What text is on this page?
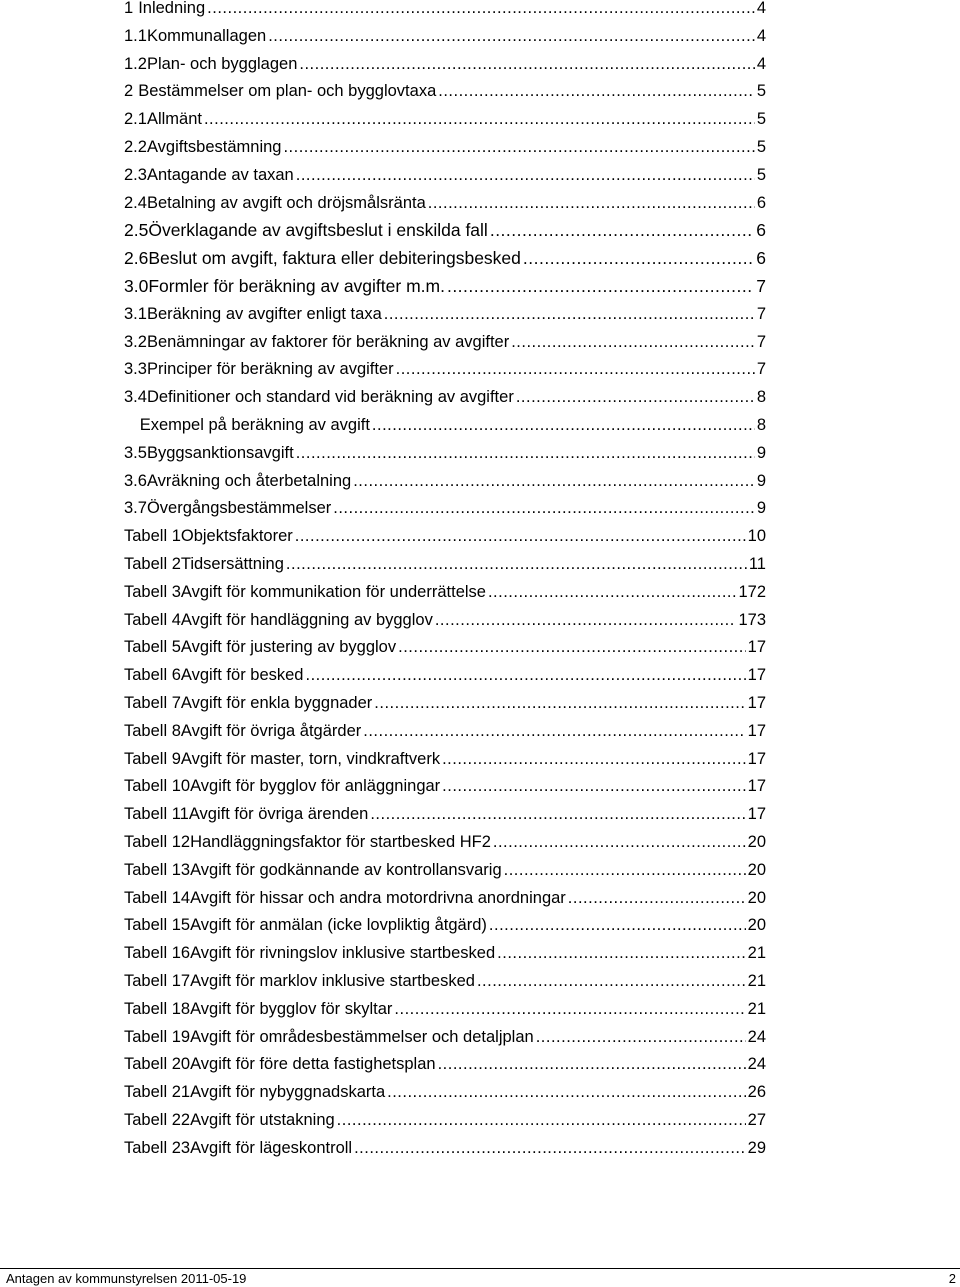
1 Inledning .....	4
1.1 Kommunallagen .....	4
1.2 Plan- och bygglagen .....	4
2 Bestämmelser om plan- och bygglovtaxa .....	5
2.1 Allmänt .....	5
2.2 Avgiftsbestämning .....	5
2.3 Antagande av taxan .....	5
2.4 Betalning av avgift och dröjsmålsränta .....	6
2.5 Överklagande av avgiftsbeslut i enskilda fall .....	6
2.6 Beslut om avgift, faktura eller debiteringsbesked .....	6
3.0 Formler för beräkning av avgifter m.m. .....	7
3.1 Beräkning av avgifter enligt taxa .....	7
3.2 Benämningar av faktorer för beräkning av avgifter .....	7
3.3 Principer för beräkning av avgifter .....	7
3.4 Definitioner och standard vid beräkning av avgifter .....	8
Exempel på beräkning av avgift .....	8
3.5 Byggsanktionsavgift .....	9
3.6 Avräkning och återbetalning .....	9
3.7 Övergångsbestämmelser .....	9
Tabell 1 Objektsfaktorer .....	10
Tabell 2 Tidsersättning .....	11
Tabell 3 Avgift för kommunikation för underrättelse .....	172
Tabell 4 Avgift för handläggning av bygglov .....	173
Tabell 5 Avgift för justering av bygglov .....	17
Tabell 6 Avgift för besked .....	17
Tabell 7 Avgift för enkla byggnader .....	17
Tabell 8 Avgift för övriga åtgärder .....	17
Tabell 9 Avgift för master, torn, vindkraftverk .....	17
Tabell 10 Avgift för bygglov för anläggningar .....	17
Tabell 11 Avgift för övriga ärenden .....	17
Tabell 12 Handläggningsfaktor för startbesked HF2 .....	20
Tabell 13 Avgift för godkännande av kontrollansvarig .....	20
Tabell 14 Avgift för hissar och andra motordrivna anordningar .....	20
Tabell 15 Avgift för anmälan (icke lovpliktig åtgärd) .....	20
Tabell 16 Avgift för rivningslov inklusive startbesked .....	21
Tabell 17 Avgift för marklov inklusive startbesked .....	21
Tabell 18 Avgift för bygglov för skyltar .....	21
Tabell 19 Avgift för områdesbestämmelser och detaljplan .....	24
Tabell 20 Avgift för före detta fastighetsplan .....	24
Tabell 21 Avgift för nybyggnadskarta .....	26
Tabell 22 Avgift för utstakning .....	27
Tabell 23 Avgift för lägeskontroll .....	29
Antagen av kommunstyrelsen 2011-05-19	2
